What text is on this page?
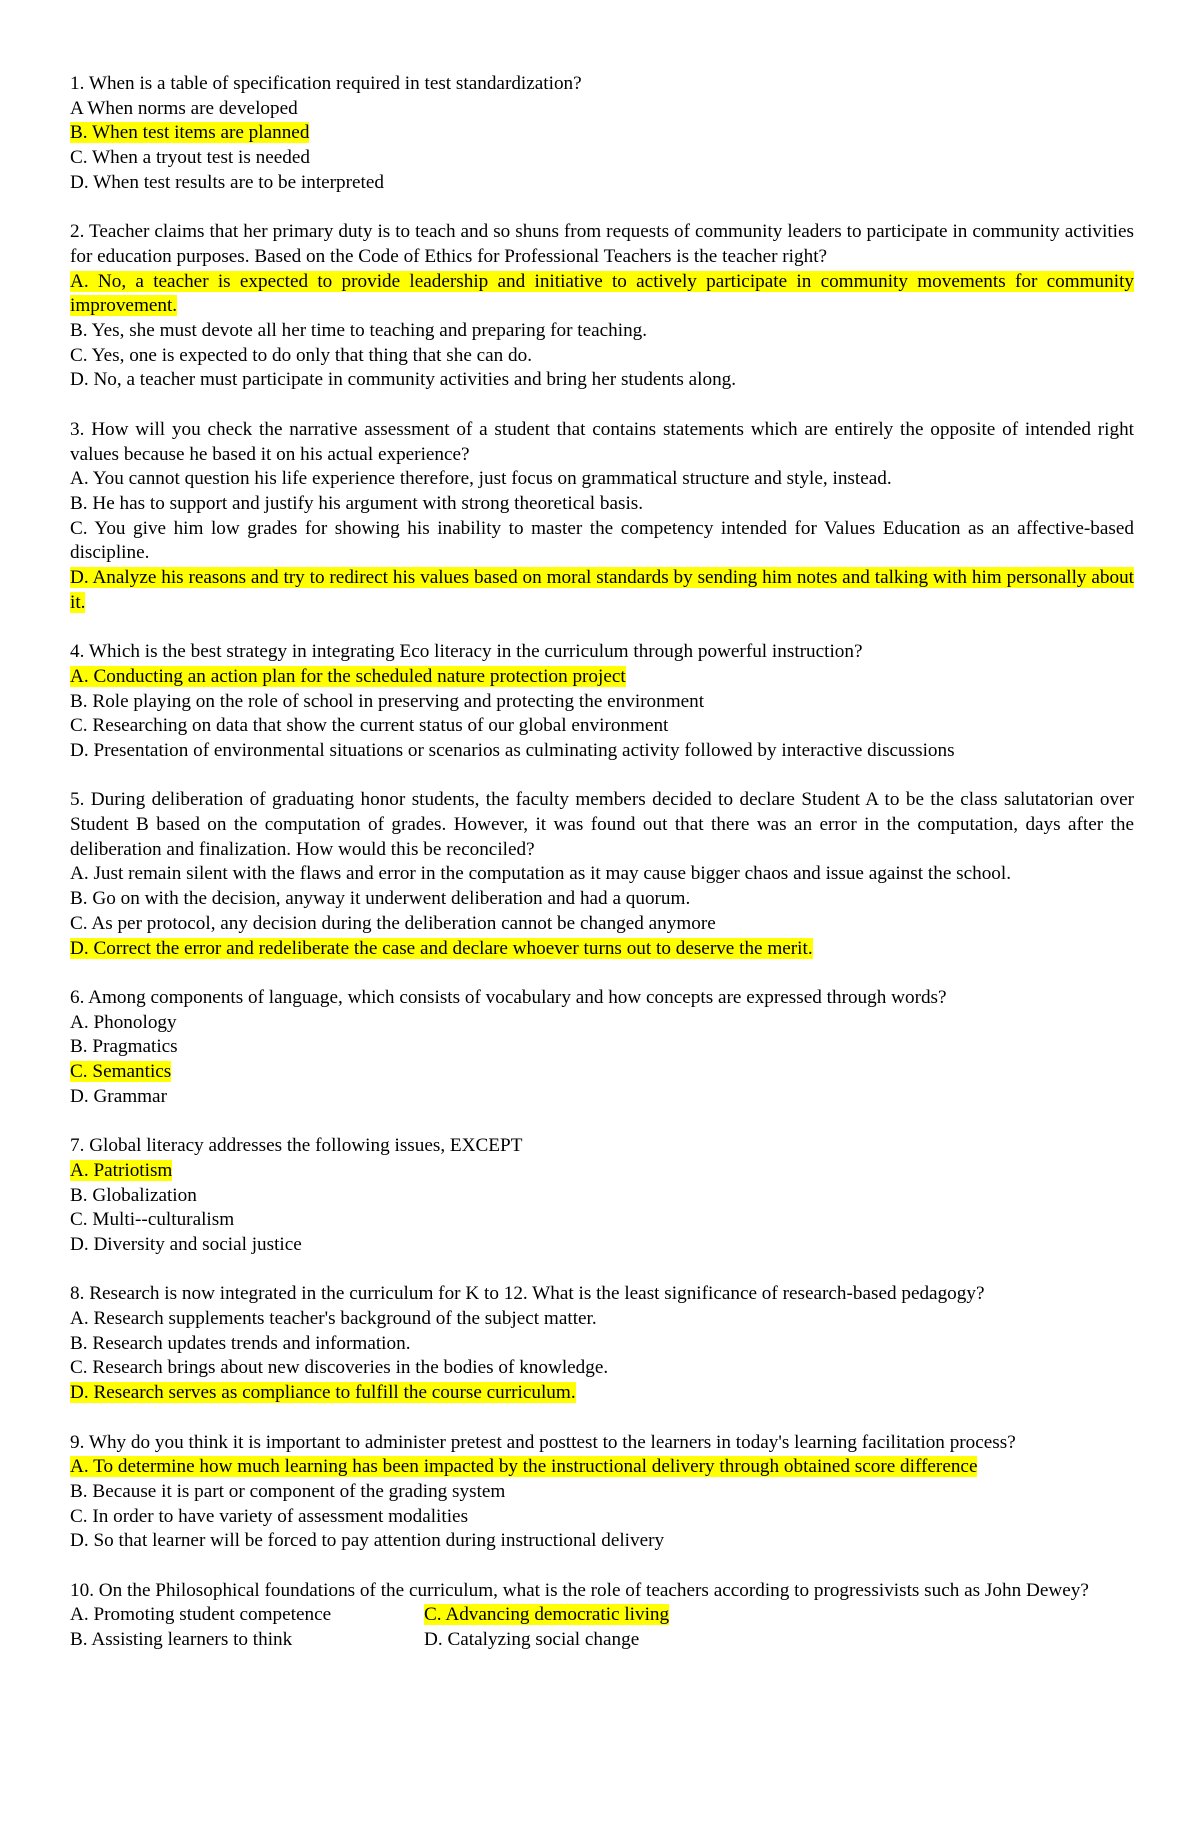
1. When is a table of specification required in test standardization?
A When norms are developed
B. When test items are planned
C. When a tryout test is needed
D. When test results are to be interpreted
2. Teacher claims that her primary duty is to teach and so shuns from requests of community leaders to participate in community activities for education purposes. Based on the Code of Ethics for Professional Teachers is the teacher right?
A. No, a teacher is expected to provide leadership and initiative to actively participate in community movements for community improvement.
B. Yes, she must devote all her time to teaching and preparing for teaching.
C. Yes, one is expected to do only that thing that she can do.
D. No, a teacher must participate in community activities and bring her students along.
3. How will you check the narrative assessment of a student that contains statements which are entirely the opposite of intended right values because he based it on his actual experience?
A. You cannot question his life experience therefore, just focus on grammatical structure and style, instead.
B. He has to support and justify his argument with strong theoretical basis.
C. You give him low grades for showing his inability to master the competency intended for Values Education as an affective-based discipline.
D. Analyze his reasons and try to redirect his values based on moral standards by sending him notes and talking with him personally about it.
4. Which is the best strategy in integrating Eco literacy in the curriculum through powerful instruction?
A. Conducting an action plan for the scheduled nature protection project
B. Role playing on the role of school in preserving and protecting the environment
C. Researching on data that show the current status of our global environment
D. Presentation of environmental situations or scenarios as culminating activity followed by interactive discussions
5. During deliberation of graduating honor students, the faculty members decided to declare Student A to be the class salutatorian over Student B based on the computation of grades. However, it was found out that there was an error in the computation, days after the deliberation and finalization. How would this be reconciled?
A. Just remain silent with the flaws and error in the computation as it may cause bigger chaos and issue against the school.
B. Go on with the decision, anyway it underwent deliberation and had a quorum.
C. As per protocol, any decision during the deliberation cannot be changed anymore
D. Correct the error and redeliberate the case and declare whoever turns out to deserve the merit.
6. Among components of language, which consists of vocabulary and how concepts are expressed through words?
A. Phonology
B. Pragmatics
C. Semantics
D. Grammar
7. Global literacy addresses the following issues, EXCEPT
A. Patriotism
B. Globalization
C. Multi--culturalism
D. Diversity and social justice
8. Research is now integrated in the curriculum for K to 12. What is the least significance of research-based pedagogy?
A. Research supplements teacher's background of the subject matter.
B. Research updates trends and information.
C. Research brings about new discoveries in the bodies of knowledge.
D. Research serves as compliance to fulfill the course curriculum.
9. Why do you think it is important to administer pretest and posttest to the learners in today's learning facilitation process?
A. To determine how much learning has been impacted by the instructional delivery through obtained score difference
B. Because it is part or component of the grading system
C. In order to have variety of assessment modalities
D. So that learner will be forced to pay attention during instructional delivery
10. On the Philosophical foundations of the curriculum, what is the role of teachers according to progressivists such as John Dewey?
A. Promoting student competence	C. Advancing democratic living
B. Assisting learners to think	D. Catalyzing social change
